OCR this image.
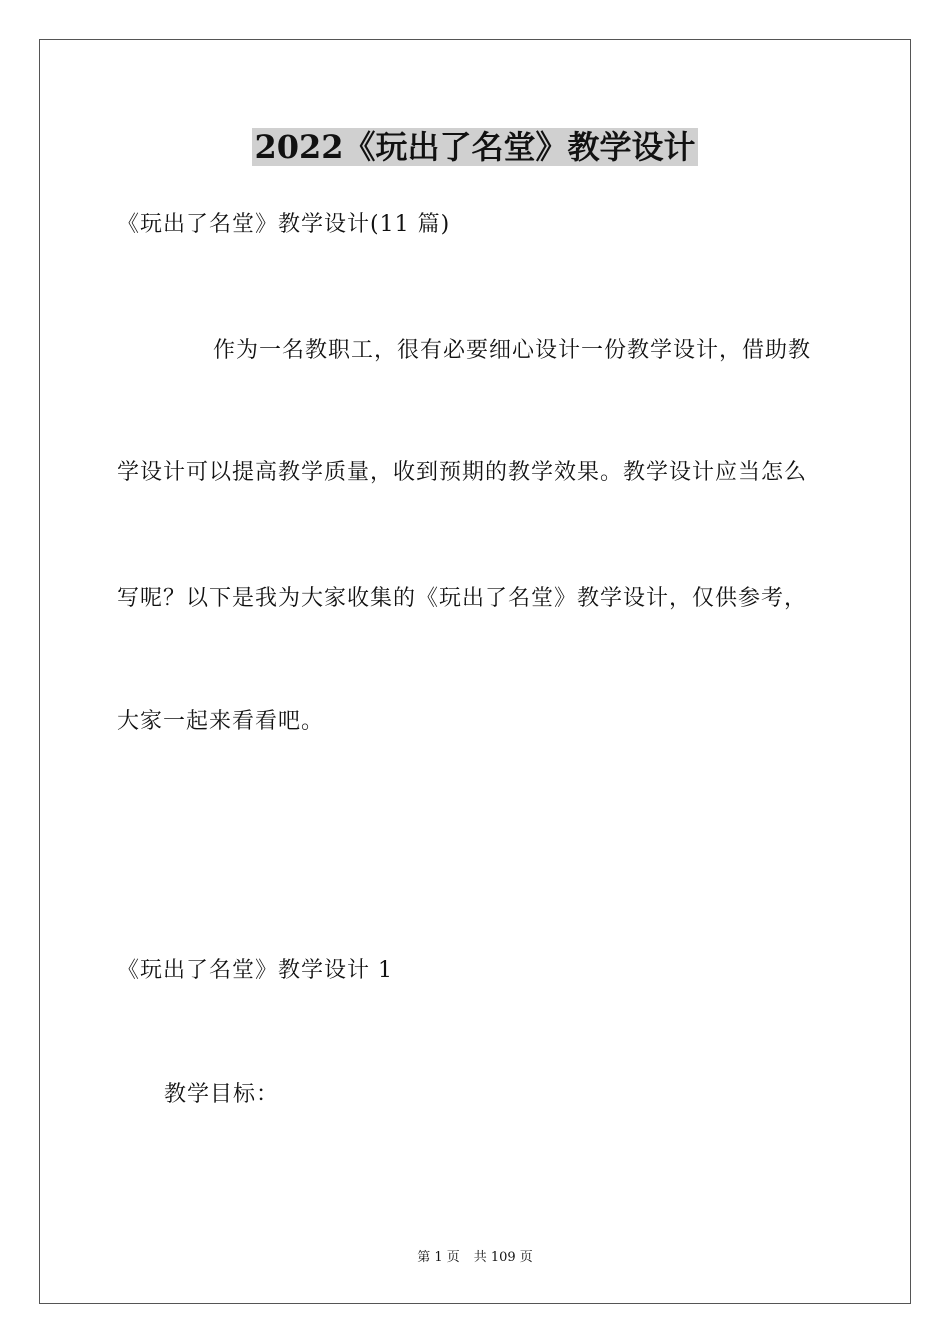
2022《玩出了名堂》教学设计
《玩出了名堂》教学设计(11 篇)
作为一名教职工，很有必要细心设计一份教学设计，借助教
学设计可以提高教学质量，收到预期的教学效果。教学设计应当怎么
写呢？以下是我为大家收集的《玩出了名堂》教学设计，仅供参考，
大家一起来看看吧。
《玩出了名堂》教学设计 1
教学目标：
第 1 页 共 109 页
